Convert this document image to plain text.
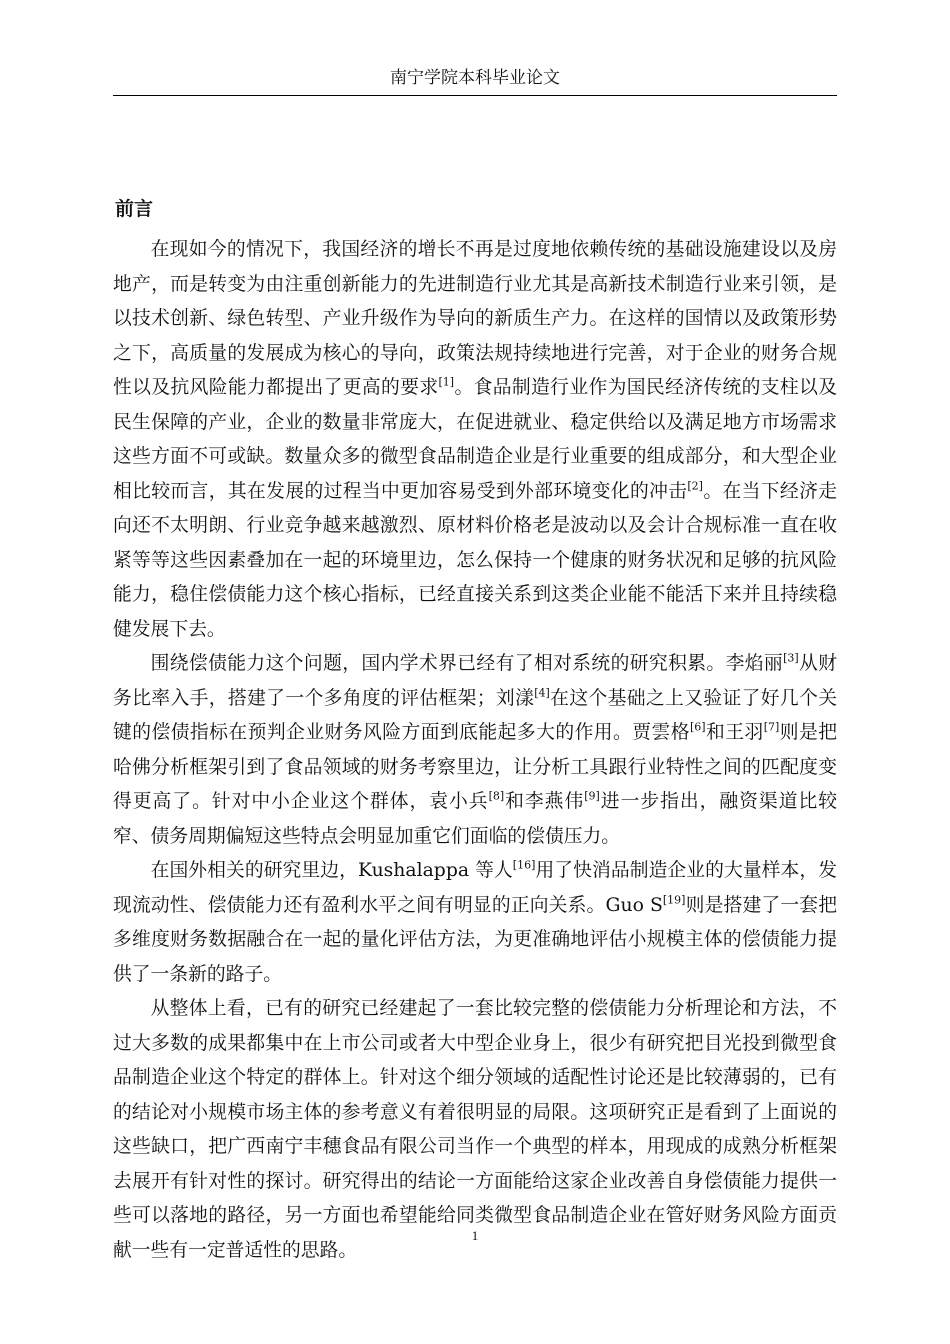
南宁学院本科毕业论文
前言

在现如今的情况下，我国经济的增长不再是过度地依赖传统的基础设施建设以及房地产，而是转变为由注重创新能力的先进制造行业尤其是高新技术制造行业来引领，是以技术创新、绿色转型、产业升级作为导向的新质生产力。在这样的国情以及政策形势之下，高质量的发展成为核心的导向，政策法规持续地进行完善，对于企业的财务合规性以及抗风险能力都提出了更高的要求[1]。食品制造行业作为国民经济传统的支柱以及民生保障的产业，企业的数量非常庞大，在促进就业、稳定供给以及满足地方市场需求这些方面不可或缺。数量众多的微型食品制造企业是行业重要的组成部分，和大型企业相比较而言，其在发展的过程当中更加容易受到外部环境变化的冲击[2]。在当下经济走向还不太明朗、行业竞争越来越激烈、原材料价格老是波动以及会计合规标准一直在收紧等等这些因素叠加在一起的环境里边，怎么保持一个健康的财务状况和足够的抗风险能力，稳住偿债能力这个核心指标，已经直接关系到这类企业能不能活下来并且持续稳健发展下去。

围绕偿债能力这个问题，国内学术界已经有了相对系统的研究积累。李焰丽[3]从财务比率入手，搭建了一个多角度的评估框架；刘漾[4]在这个基础之上又验证了好几个关键的偿债指标在预判企业财务风险方面到底能起多大的作用。贾雲格[6]和王羽[7]则是把哈佛分析框架引到了食品领域的财务考察里边，让分析工具跟行业特性之间的匹配度变得更高了。针对中小企业这个群体，袁小兵[8]和李燕伟[9]进一步指出，融资渠道比较窄、债务周期偏短这些特点会明显加重它们面临的偿债压力。

在国外相关的研究里边，Kushalappa 等人[16]用了快消品制造企业的大量样本，发现流动性、偿债能力还有盈利水平之间有明显的正向关系。Guo S[19]则是搭建了一套把多维度财务数据融合在一起的量化评估方法，为更准确地评估小规模主体的偿债能力提供了一条新的路子。

从整体上看，已有的研究已经建起了一套比较完整的偿债能力分析理论和方法，不过大多数的成果都集中在上市公司或者大中型企业身上，很少有研究把目光投到微型食品制造企业这个特定的群体上。针对这个细分领域的适配性讨论还是比较薄弱的，已有的结论对小规模市场主体的参考意义有着很明显的局限。这项研究正是看到了上面说的这些缺口，把广西南宁丰穗食品有限公司当作一个典型的样本，用现成的成熟分析框架去展开有针对性的探讨。研究得出的结论一方面能给这家企业改善自身偿债能力提供一些可以落地的路径，另一方面也希望能给同类微型食品制造企业在管好财务风险方面贡献一些有一定普适性的思路。

1
